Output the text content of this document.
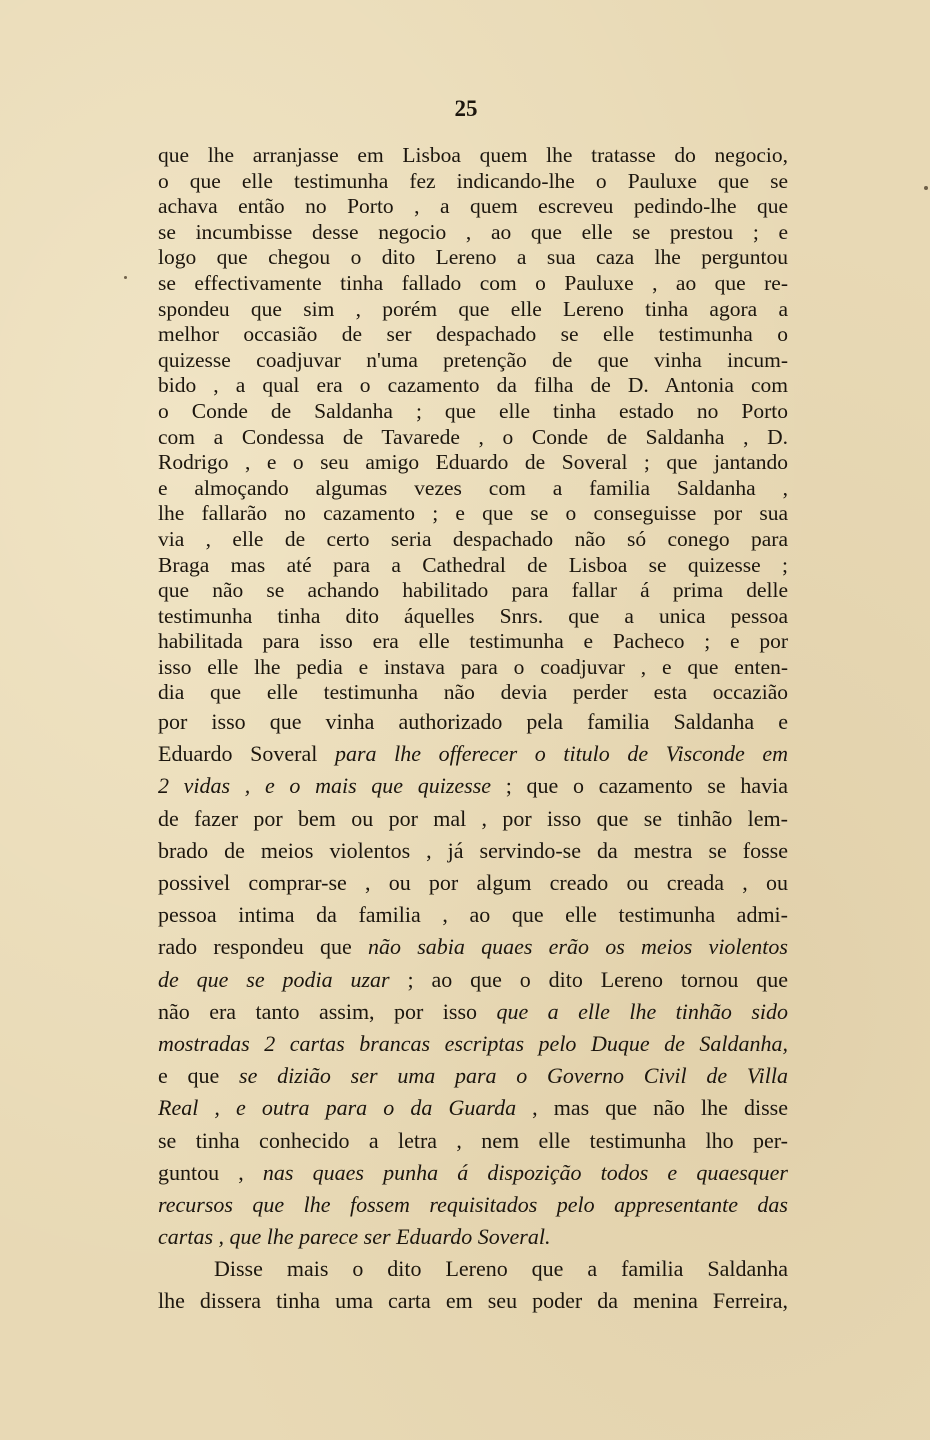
25
que lhe arranjasse em Lisboa quem lhe tratasse do negocio,
o que elle testimunha fez indicando-lhe o Pauluxe que se
achava então no Porto , a quem escreveu pedindo-lhe que
se incumbisse desse negocio , ao que elle se prestou ; e
logo que chegou o dito Lereno a sua caza lhe perguntou
se effectivamente tinha fallado com o Pauluxe , ao que re-
spondeu que sim , porém que elle Lereno tinha agora a
melhor occasião de ser despachado se elle testimunha o
quizesse coadjuvar n'uma pretenção de que vinha incum-
bido , a qual era o cazamento da filha de D. Antonia com
o Conde de Saldanha ; que elle tinha estado no Porto
com a Condessa de Tavarede , o Conde de Saldanha , D.
Rodrigo , e o seu amigo Eduardo de Soveral ; que jantando
e almoçando algumas vezes com a familia Saldanha ,
lhe fallarão no cazamento ; e que se o conseguisse por sua
via , elle de certo seria despachado não só conego para
Braga mas até para a Cathedral de Lisboa se quizesse ;
que não se achando habilitado para fallar á prima delle
testimunha tinha dito áquelles Snrs. que a unica pessoa
habilitada para isso era elle testimunha e Pacheco ; e por
isso elle lhe pedia e instava para o coadjuvar , e que enten-
dia que elle testimunha não devia perder esta occazião
por isso que vinha authorizado pela familia Saldanha e
Eduardo Soveral para lhe offerecer o titulo de Visconde em
2 vidas , e o mais que quizesse ; que o cazamento se havia
de fazer por bem ou por mal , por isso que se tinhão lem-
brado de meios violentos , já servindo-se da mestra se fosse
possivel comprar-se , ou por algum creado ou creada , ou
pessoa intima da familia , ao que elle testimunha admi-
rado respondeu que não sabia quaes erão os meios violentos
de que se podia uzar ; ao que o dito Lereno tornou que
não era tanto assim, por isso que a elle lhe tinhão sido
mostradas 2 cartas brancas escriptas pelo Duque de Saldanha,
e que se dizião ser uma para o Governo Civil de Villa
Real , e outra para o da Guarda , mas que não lhe disse
se tinha conhecido a letra , nem elle testimunha lho per-
guntou , nas quaes punha á dispozição todos e quaesquer
recursos que lhe fossem requisitados pelo appresentante das
cartas , que lhe parece ser Eduardo Soveral.
Disse mais o dito Lereno que a familia Saldanha
lhe dissera tinha uma carta em seu poder da menina Ferreira,
